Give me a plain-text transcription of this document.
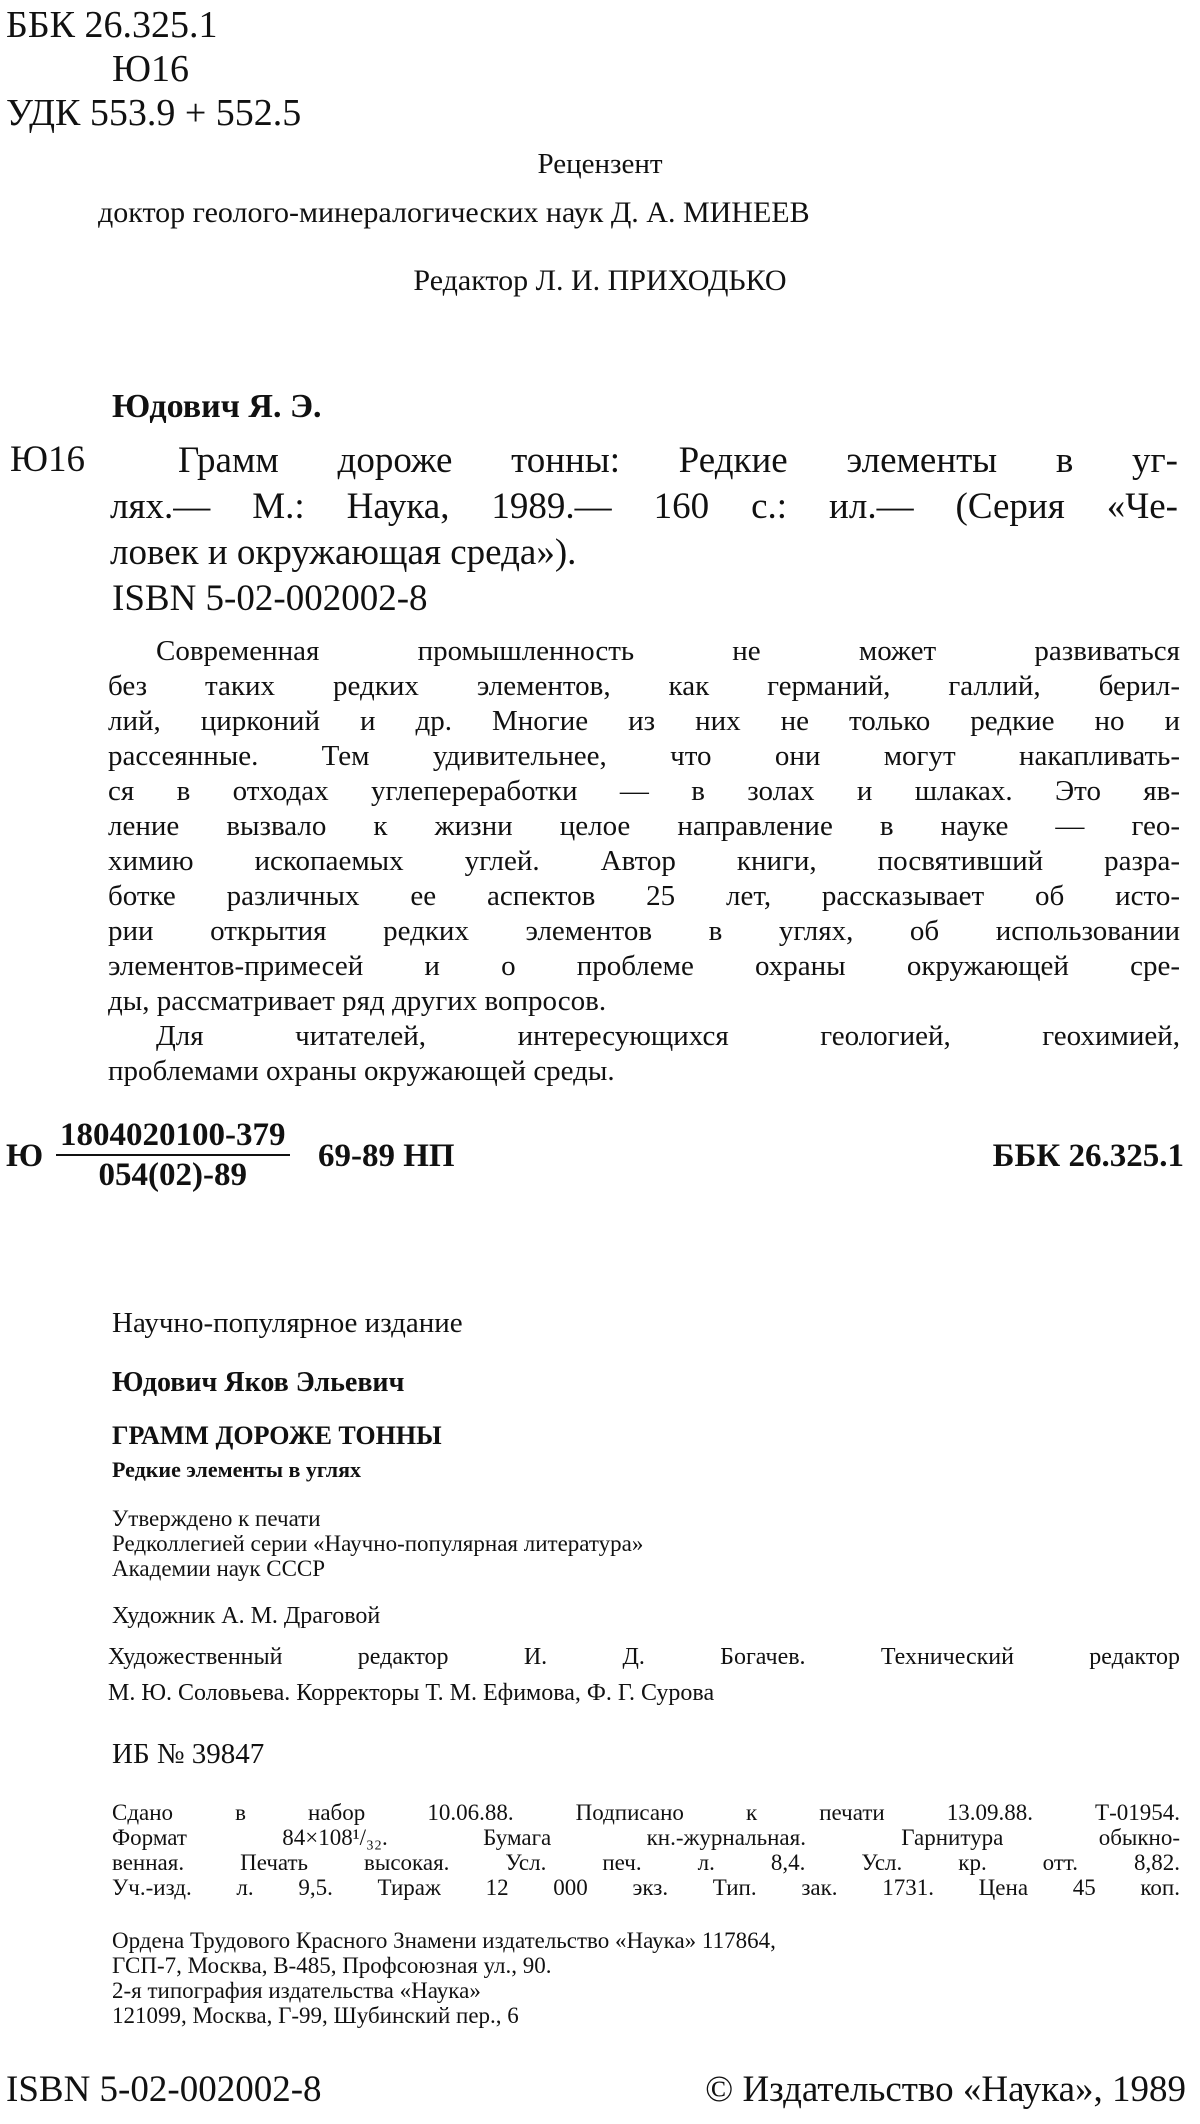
ББК 26.325.1
Ю16
УДК 553.9 + 552.5
Рецензент
доктор геолого-минералогических наук Д. А. МИНЕЕВ
Редактор Л. И. ПРИХОДЬКО
Юдович Я. Э.
Ю16	Грамм дороже тонны: Редкие элементы в уг-
лях.— М.: Наука, 1989.— 160 с.: ил.— (Серия «Че-
ловек и окружающая среда»).
ISBN 5-02-002002-8
Современная промышленность не может развиваться
без таких редких элементов, как германий, галлий, берил-
лий, цирконий и др. Многие из них не только редкие но и
рассеянные. Тем удивительнее, что они могут накапливать-
ся в отходах углепереработки — в золах и шлаках. Это яв-
ление вызвало к жизни целое направление в науке — гео-
химию ископаемых углей. Автор книги, посвятивший разра-
ботке различных ее аспектов 25 лет, рассказывает об исто-
рии открытия редких элементов в углях, об использовании
элементов-примесей и о проблеме охраны окружающей сре-
ды, рассматривает ряд других вопросов.
Для читателей, интересующихся геологией, геохимией,
проблемами охраны окружающей среды.
Ю $\frac{1804020100-379}{054(02)-89} 69-89$ НП	ББК 26.325.1
Научно-популярное издание
Юдович Яков Эльевич
ГРАММ ДОРОЖЕ ТОННЫ
Редкие элементы в углях
Утверждено к печати
Редколлегией серии «Научно-популярная литература»
Академии наук СССР
Художник А. М. Драговой
Художественный редактор И. Д. Богачев. Технический редактор
М. Ю. Соловьева. Корректоры Т. М. Ефимова, Ф. Г. Сурова
ИБ № 39847
Сдано в набор 10.06.88. Подписано к печати 13.09.88. Т-01954.
Формат 84×108¹/₃₂. Бумага кн.-журнальная. Гарнитура обыкно-
венная. Печать высокая. Усл. печ. л. 8,4. Усл. кр. отт. 8,82.
Уч.-изд. л. 9,5. Тираж 12 000 экз. Тип. зак. 1731. Цена 45 коп.
Ордена Трудового Красного Знамени издательство «Наука» 117864,
ГСП-7, Москва, В-485, Профсоюзная ул., 90.
2-я типография издательства «Наука»
121099, Москва, Г-99, Шубинский пер., 6
ISBN 5-02-002002-8	© Издательство «Наука», 1989
